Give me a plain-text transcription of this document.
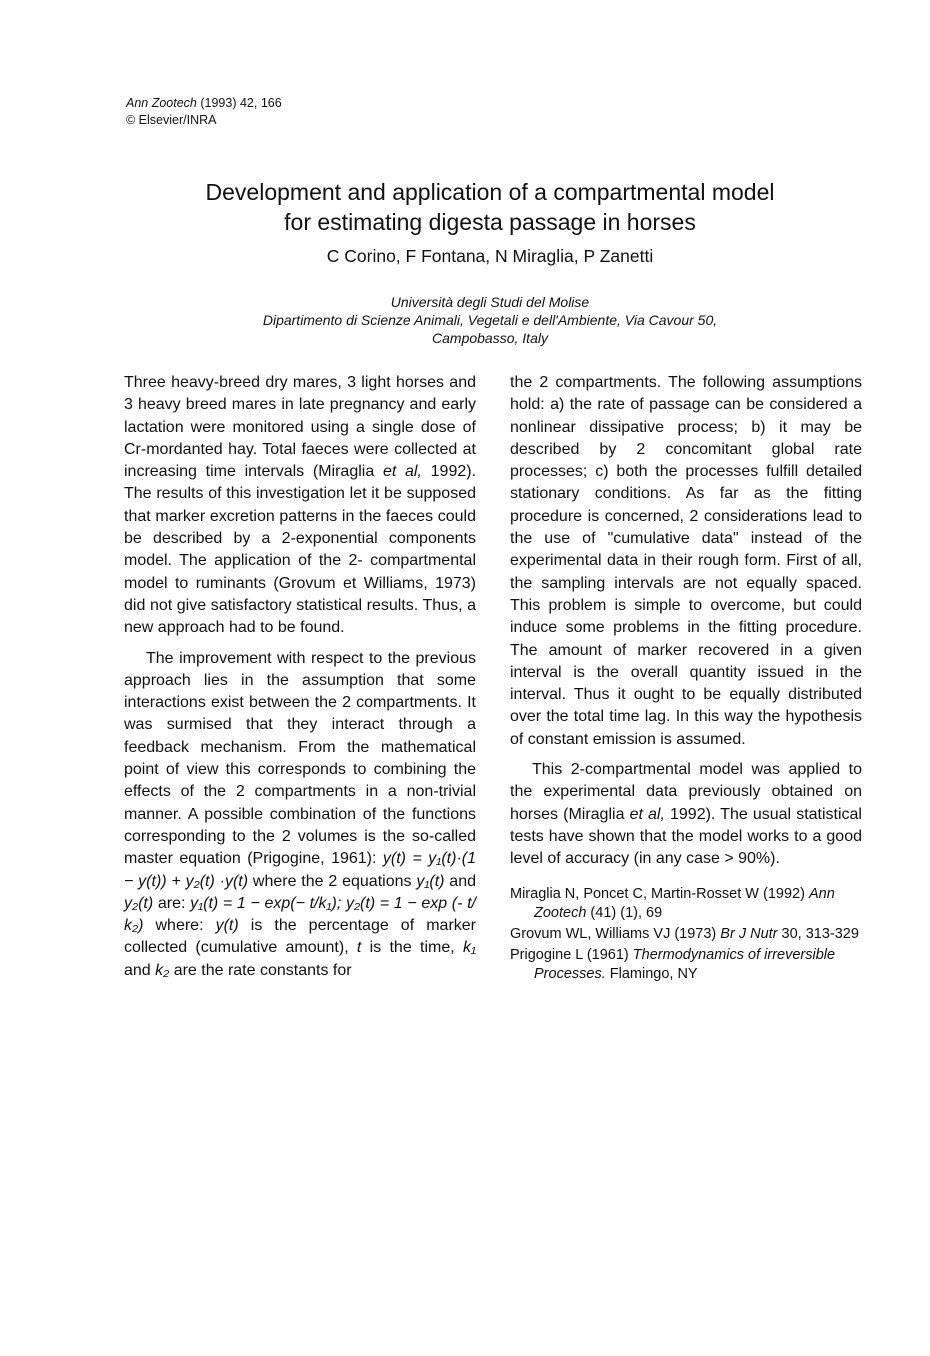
Ann Zootech (1993) 42, 166
© Elsevier/INRA
Development and application of a compartmental model
for estimating digesta passage in horses
C Corino, F Fontana, N Miraglia, P Zanetti
Università degli Studi del Molise
Dipartimento di Scienze Animali, Vegetali e dell'Ambiente, Via Cavour 50,
Campobasso, Italy

Three heavy-breed dry mares, 3 light horses and 3 heavy breed mares in late pregnancy and early lactation were monitored using a single dose of Cr-mordanted hay. Total faeces were collected at increasing time intervals (Miraglia et al, 1992). The results of this investigation let it be supposed that marker excretion patterns in the faeces could be described by a 2-exponential components model. The application of the 2- compartmental model to ruminants (Grovum et Williams, 1973) did not give satisfactory statistical results. Thus, a new approach had to be found.

The improvement with respect to the previous approach lies in the assumption that some interactions exist between the 2 compartments. It was surmised that they interact through a feedback mechanism. From the mathematical point of view this corresponds to combining the effects of the 2 compartments in a non-trivial manner. A possible combination of the functions corresponding to the 2 volumes is the so-called master equation (Prigogine, 1961): y(t) = y₁(t)·(1 − y(t)) + y₂(t) ·y(t) where the 2 equations y₁(t) and y₂(t) are: y₁(t) = 1 − exp(− t/k₁); y₂(t) = 1 − exp (- t/ k₂) where: y(t) is the percentage of marker collected (cumulative amount), t is the time, k₁ and k₂ are the rate constants for

the 2 compartments. The following assumptions hold: a) the rate of passage can be considered a nonlinear dissipative process; b) it may be described by 2 concomitant global rate processes; c) both the processes fulfill detailed stationary conditions. As far as the fitting procedure is concerned, 2 considerations lead to the use of "cumulative data" instead of the experimental data in their rough form. First of all, the sampling intervals are not equally spaced. This problem is simple to overcome, but could induce some problems in the fitting procedure. The amount of marker recovered in a given interval is the overall quantity issued in the interval. Thus it ought to be equally distributed over the total time lag. In this way the hypothesis of constant emission is assumed.

This 2-compartmental model was applied to the experimental data previously obtained on horses (Miraglia et al, 1992). The usual statistical tests have shown that the model works to a good level of accuracy (in any case > 90%).

Miraglia N, Poncet C, Martin-Rosset W (1992) Ann Zootech (41) (1), 69
Grovum WL, Williams VJ (1973) Br J Nutr 30, 313-329
Prigogine L (1961) Thermodynamics of irreversible Processes. Flamingo, NY
